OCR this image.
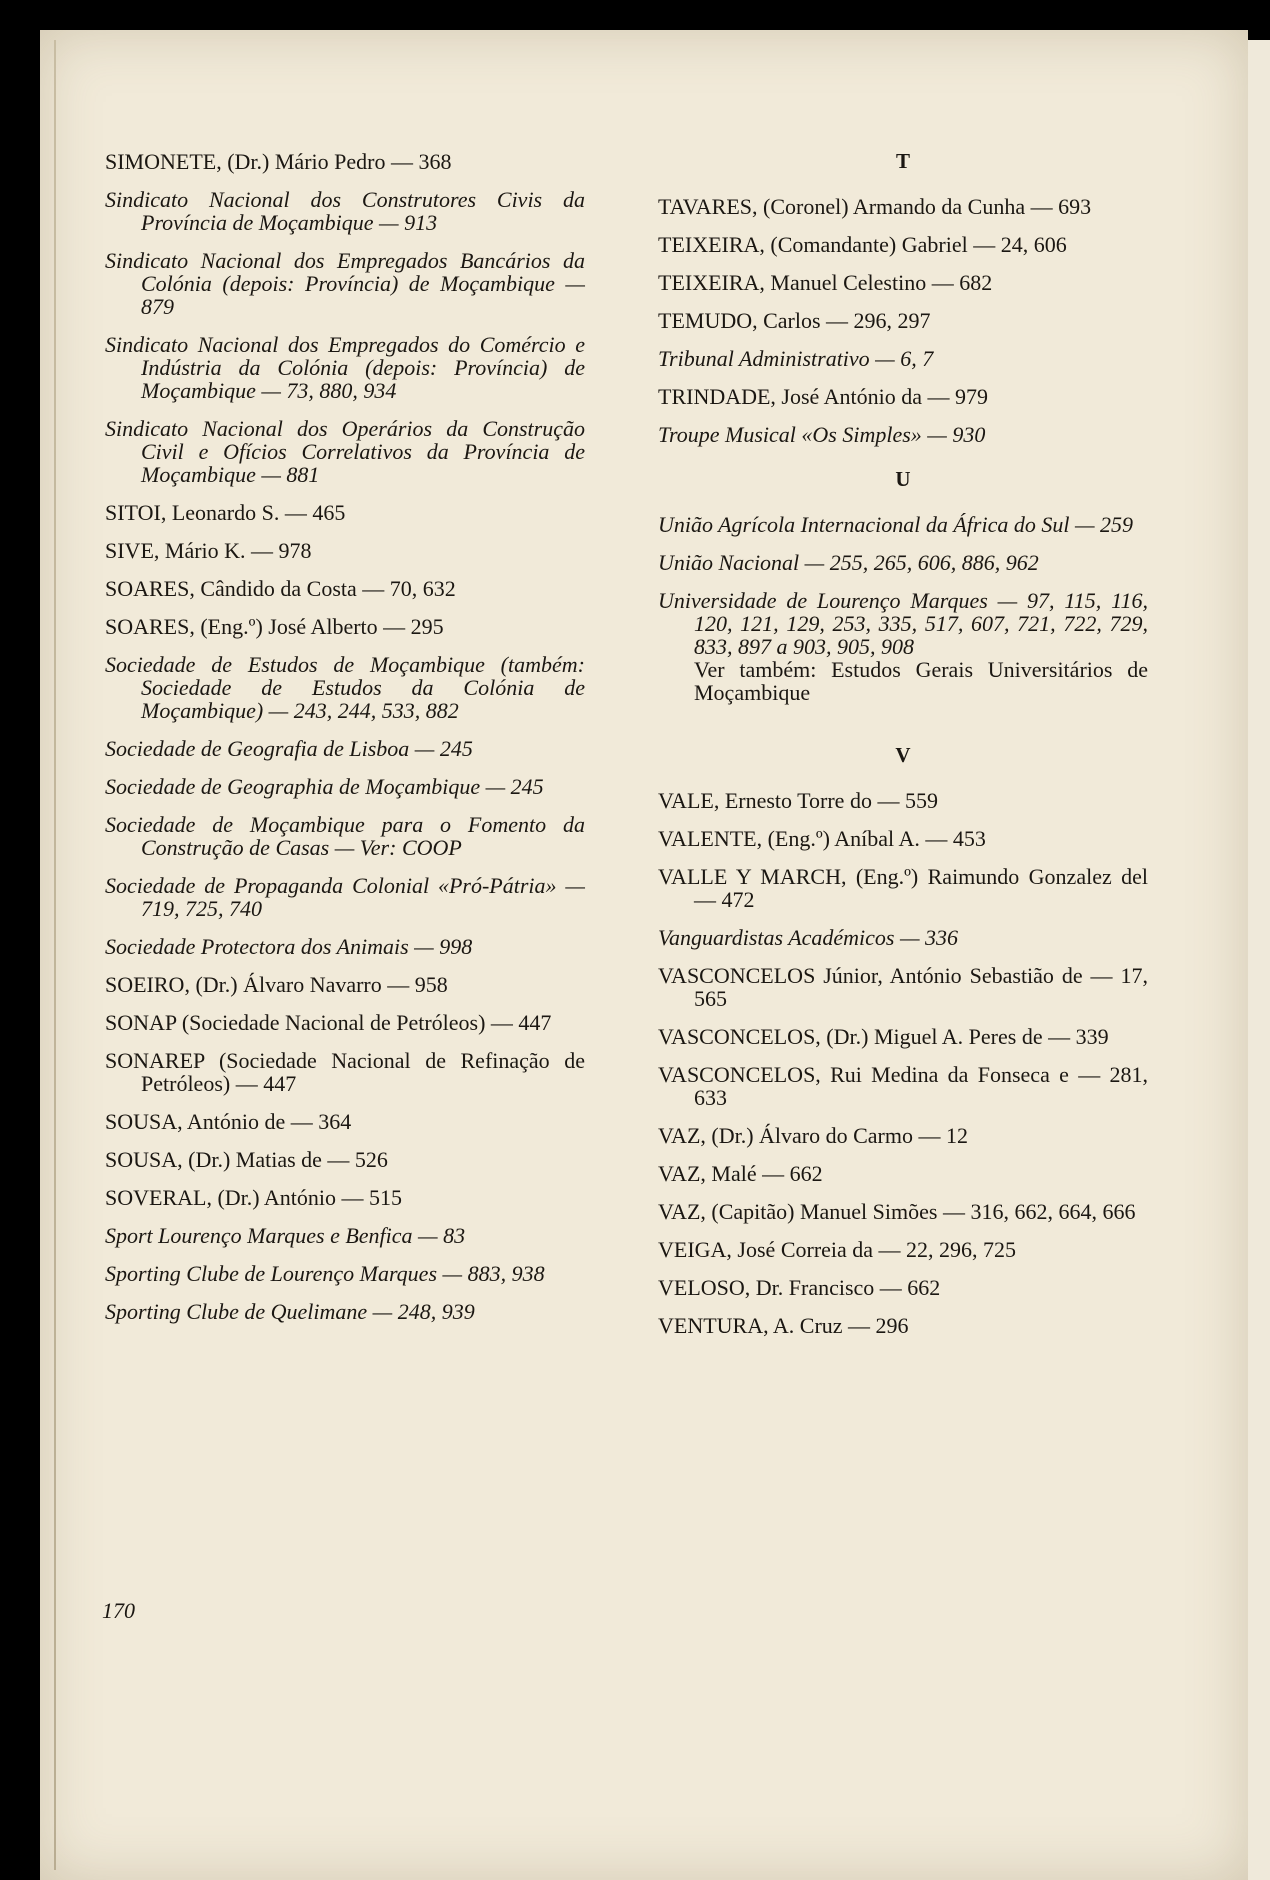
SIMONETE, (Dr.) Mário Pedro — 368
Sindicato Nacional dos Construtores Civis da Província de Moçambique — 913
Sindicato Nacional dos Empregados Bancários da Colónia (depois: Província) de Moçambique — 879
Sindicato Nacional dos Empregados do Comércio e Indústria da Colónia (depois: Província) de Moçambique — 73, 880, 934
Sindicato Nacional dos Operários da Construção Civil e Ofícios Correlativos da Província de Moçambique — 881
SITOI, Leonardo S. — 465
SIVE, Mário K. — 978
SOARES, Cândido da Costa — 70, 632
SOARES, (Eng.º) José Alberto — 295
Sociedade de Estudos de Moçambique (também: Sociedade de Estudos da Colónia de Moçambique) — 243, 244, 533, 882
Sociedade de Geografia de Lisboa — 245
Sociedade de Geographia de Moçambique — 245
Sociedade de Moçambique para o Fomento da Construção de Casas — Ver: COOP
Sociedade de Propaganda Colonial «Pró-Pátria» — 719, 725, 740
Sociedade Protectora dos Animais — 998
SOEIRO, (Dr.) Álvaro Navarro — 958
SONAP (Sociedade Nacional de Petróleos) — 447
SONAREP (Sociedade Nacional de Refinação de Petróleos) — 447
SOUSA, António de — 364
SOUSA, (Dr.) Matias de — 526
SOVERAL, (Dr.) António — 515
Sport Lourenço Marques e Benfica — 83
Sporting Clube de Lourenço Marques — 883, 938
Sporting Clube de Quelimane — 248, 939
T
TAVARES, (Coronel) Armando da Cunha — 693
TEIXEIRA, (Comandante) Gabriel — 24, 606
TEIXEIRA, Manuel Celestino — 682
TEMUDO, Carlos — 296, 297
Tribunal Administrativo — 6, 7
TRINDADE, José António da — 979
Troupe Musical «Os Simples» — 930
U
União Agrícola Internacional da África do Sul — 259
União Nacional — 255, 265, 606, 886, 962
Universidade de Lourenço Marques — 97, 115, 116, 120, 121, 129, 253, 335, 517, 607, 721, 722, 729, 833, 897 a 903, 905, 908
Ver também: Estudos Gerais Universitários de Moçambique
V
VALE, Ernesto Torre do — 559
VALENTE, (Eng.º) Aníbal A. — 453
VALLE Y MARCH, (Eng.º) Raimundo Gonzalez del — 472
Vanguardistas Académicos — 336
VASCONCELOS Júnior, António Sebastião de — 17, 565
VASCONCELOS, (Dr.) Miguel A. Peres de — 339
VASCONCELOS, Rui Medina da Fonseca e — 281, 633
VAZ, (Dr.) Álvaro do Carmo — 12
VAZ, Malé — 662
VAZ, (Capitão) Manuel Simões — 316, 662, 664, 666
VEIGA, José Correia da — 22, 296, 725
VELOSO, Dr. Francisco — 662
VENTURA, A. Cruz — 296
170
